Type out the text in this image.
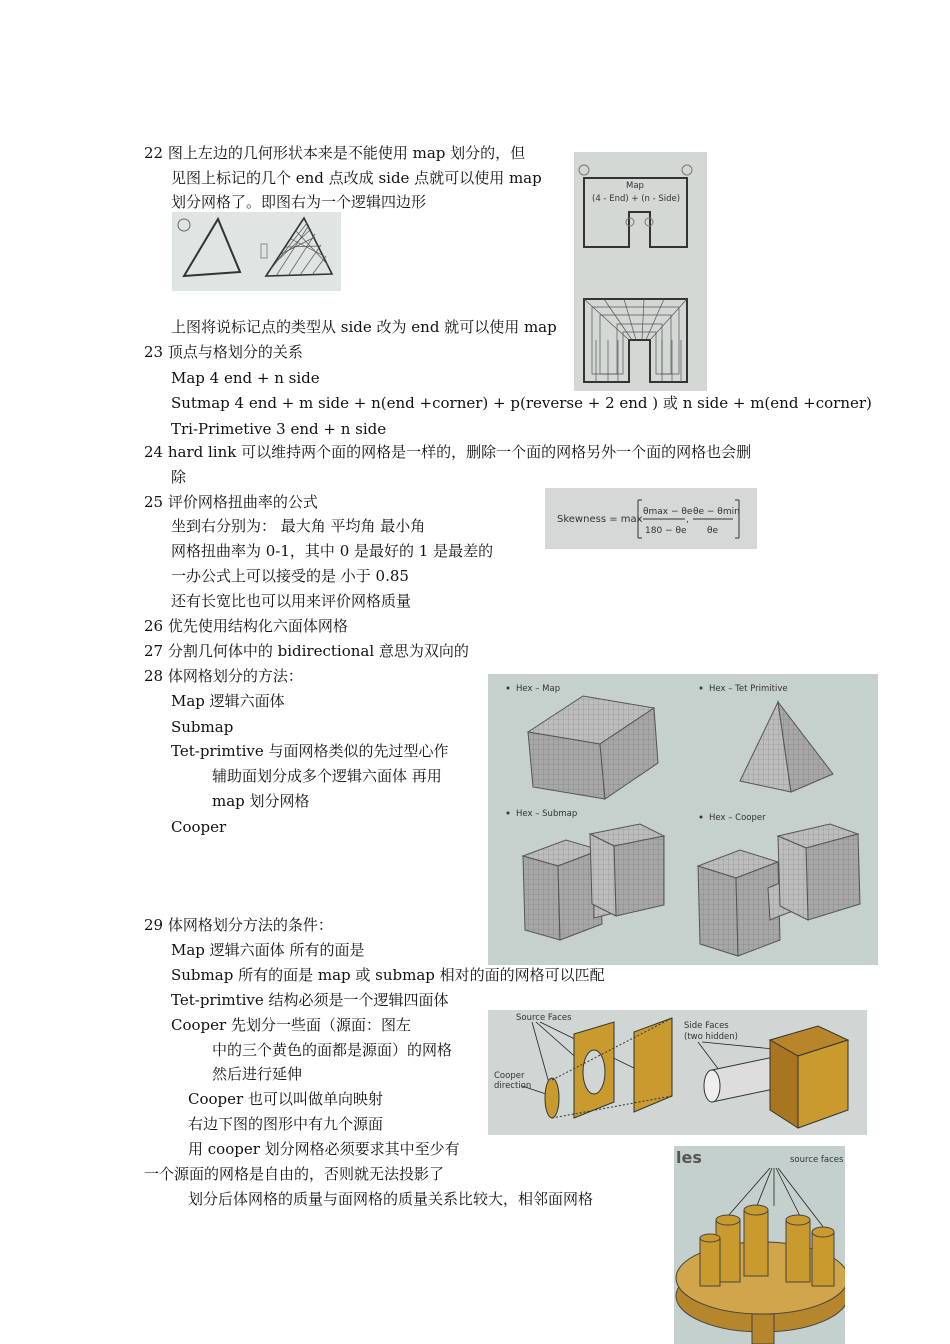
22 图上左边的几何形状本来是不能使用 map 划分的，但
见图上标记的几个 end 点改成 side 点就可以使用 map
划分网格了。即图右为一个逻辑四边形
上图将说标记点的类型从 side 改为 end 就可以使用 map
23 顶点与格划分的关系
Map 4 end + n side
Sutmap 4 end + m side + n(end +corner) + p(reverse + 2 end ) 或 n side + m(end +corner)
Tri-Primetive 3 end + n side
24 hard link 可以维持两个面的网格是一样的，删除一个面的网格另外一个面的网格也会删
除
25 评价网格扭曲率的公式
坐到右分别为： 最大角 平均角 最小角
网格扭曲率为 0-1，其中 0 是最好的 1 是最差的
一办公式上可以接受的是 小于 0.85
还有长宽比也可以用来评价网格质量
26 优先使用结构化六面体网格
27 分割几何体中的 bidirectional 意思为双向的
28 体网格划分的方法：
Map 逻辑六面体
Submap
Tet-primtive 与面网格类似的先过型心作
辅助面划分成多个逻辑六面体 再用
map 划分网格
Cooper
29 体网格划分方法的条件：
Map 逻辑六面体 所有的面是
Submap 所有的面是 map 或 submap 相对的面的网格可以匹配
Tet-primtive 结构必须是一个逻辑四面体
Cooper 先划分一些面（源面：图左
中的三个黄色的面都是源面）的网格
然后进行延伸
Cooper 也可以叫做单向映射
右边下图的图形中有九个源面
用 cooper 划分网格必须要求其中至少有
一个源面的网格是自由的，否则就无法投影了
划分后体网格的质量与面网格的质量关系比较大，相邻面网格
Map
(4 - End) + (n - Side)
Skewness = max
θmax − θe
180 − θe
,
θe − θmin
θe
Hex – Map	Hex – Tet Primitive
Hex – Submap	Hex – Cooper
Source Faces
Side Faces
(two hidden)
Cooper
direction
les	source faces
